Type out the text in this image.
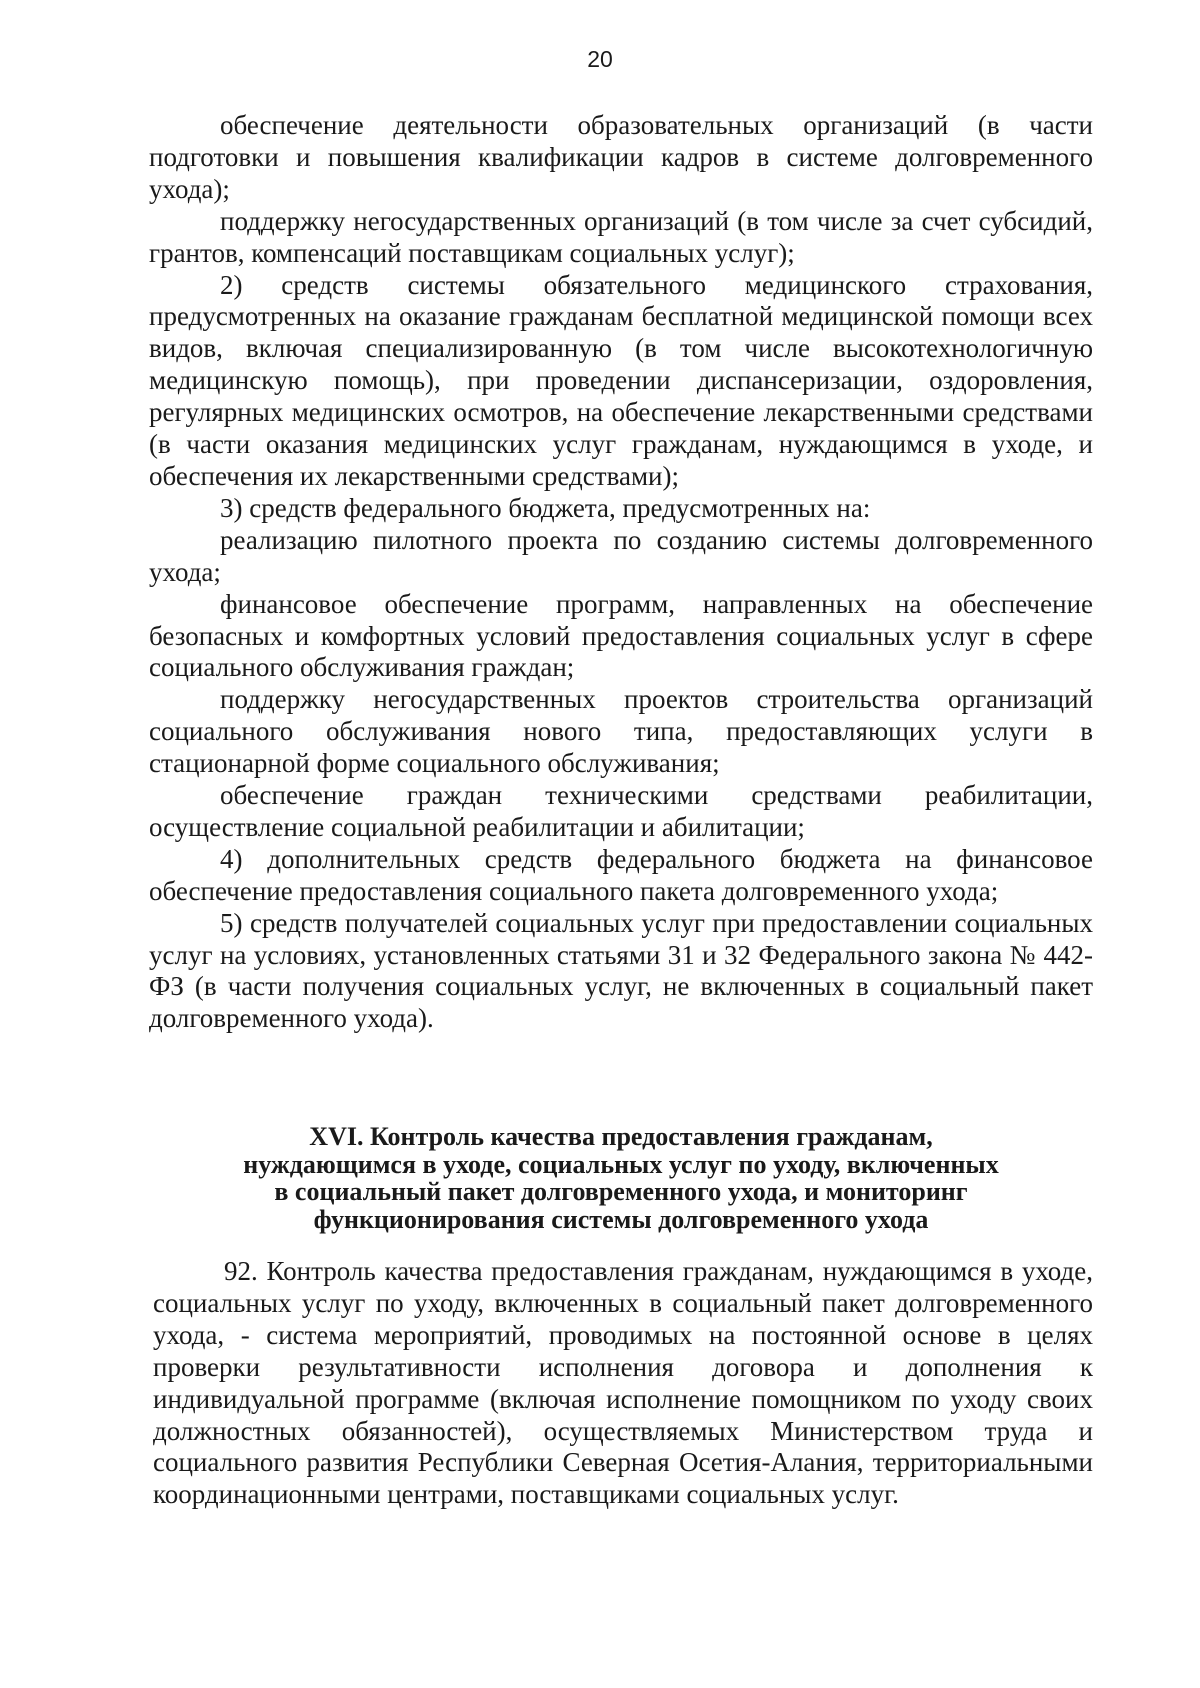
20

обеспечение деятельности образовательных организаций (в части подготовки и повышения квалификации кадров в системе долговременного ухода);

поддержку негосударственных организаций (в том числе за счет субсидий, грантов, компенсаций поставщикам социальных услуг);

2) средств системы обязательного медицинского страхования, предусмотренных на оказание гражданам бесплатной медицинской помощи всех видов, включая специализированную (в том числе высокотехнологичную медицинскую помощь), при проведении диспансеризации, оздоровления, регулярных медицинских осмотров, на обеспечение лекарственными средствами (в части оказания медицинских услуг гражданам, нуждающимся в уходе, и обеспечения их лекарственными средствами);

3) средств федерального бюджета, предусмотренных на:

реализацию пилотного проекта по созданию системы долговременного ухода;

финансовое обеспечение программ, направленных на обеспечение безопасных и комфортных условий предоставления социальных услуг в сфере социального обслуживания граждан;

поддержку негосударственных проектов строительства организаций социального обслуживания нового типа, предоставляющих услуги в стационарной форме социального обслуживания;

обеспечение граждан техническими средствами реабилитации, осуществление социальной реабилитации и абилитации;

4) дополнительных средств федерального бюджета на финансовое обеспечение предоставления социального пакета долговременного ухода;

5) средств получателей социальных услуг при предоставлении социальных услуг на условиях, установленных статьями 31 и 32 Федерального закона № 442-ФЗ (в части получения социальных услуг, не включенных в социальный пакет долговременного ухода).

XVI. Контроль качества предоставления гражданам,
нуждающимся в уходе, социальных услуг по уходу, включенных
в социальный пакет долговременного ухода, и мониторинг
функционирования системы долговременного ухода

92. Контроль качества предоставления гражданам, нуждающимся в уходе, социальных услуг по уходу, включенных в социальный пакет долговременного ухода, - система мероприятий, проводимых на постоянной основе в целях проверки результативности исполнения договора и дополнения к индивидуальной программе (включая исполнение помощником по уходу своих должностных обязанностей), осуществляемых Министерством труда и социального развития Республики Северная Осетия-Алания, территориальными координационными центрами, поставщиками социальных услуг.
